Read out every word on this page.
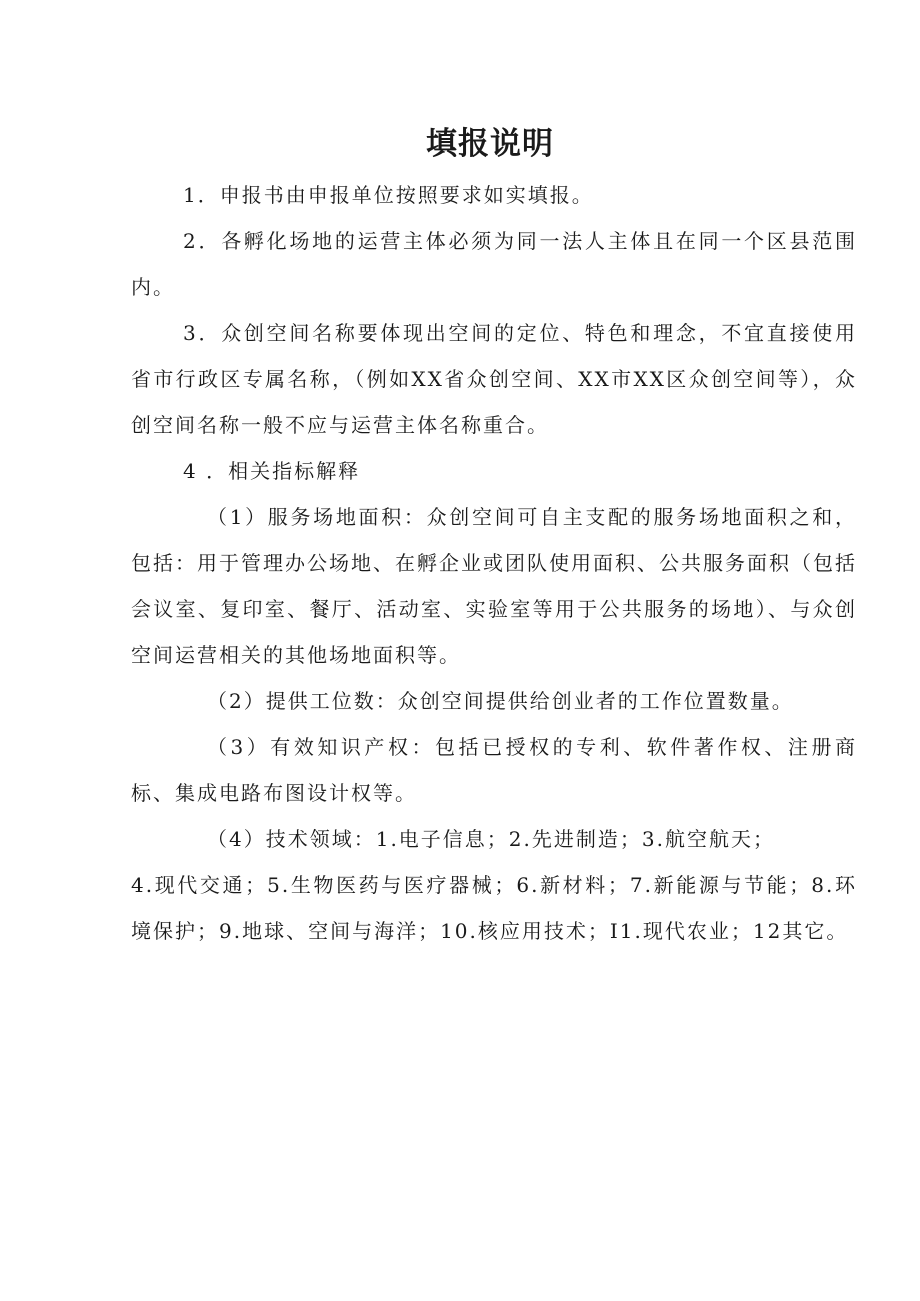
填报说明

1．申报书由申报单位按照要求如实填报。

2．各孵化场地的运营主体必须为同一法人主体且在同一个区县范围内。

3．众创空间名称要体现出空间的定位、特色和理念，不宜直接使用省市行政区专属名称，（例如XX省众创空间、XX市XX区众创空间等），众创空间名称一般不应与运营主体名称重合。

4 ．相关指标解释

（1）服务场地面积：众创空间可自主支配的服务场地面积之和，包括：用于管理办公场地、在孵企业或团队使用面积、公共服务面积（包括会议室、复印室、餐厅、活动室、实验室等用于公共服务的场地）、与众创空间运营相关的其他场地面积等。

（2）提供工位数：众创空间提供给创业者的工作位置数量。

（3）有效知识产权：包括已授权的专利、软件著作权、注册商标、集成电路布图设计权等。

（4）技术领域：1.电子信息；2.先进制造；3.航空航天；

4.现代交通；5.生物医药与医疗器械；6.新材料；7.新能源与节能；8.环境保护；9.地球、空间与海洋；10.核应用技术；I1.现代农业；12其它。
